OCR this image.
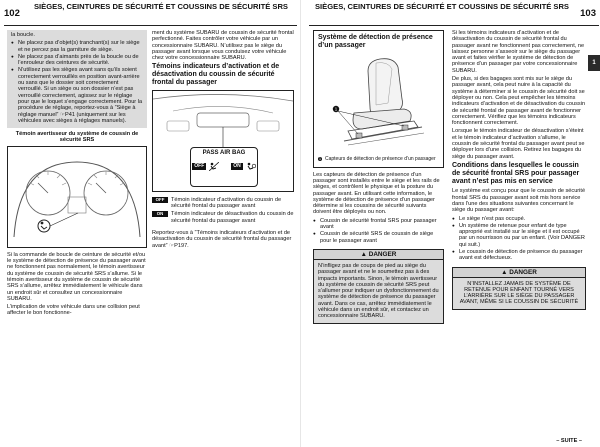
102
SIÈGES, CEINTURES DE SÉCURITÉ ET COUSSINS DE SÉCURITÉ SRS	SIÈGES, CEINTURES DE SÉCURITÉ ET COUSSINS DE SÉCURITÉ SRS
103

la boucle.

● Ne placez pas d’objet(s) tranchant(s) sur le siège et ne percez pas la garniture de siège.
● Ne placez pas d’aimants près de la boucle ou de l’enrouleur des ceintures de sécurité.
● N’utilisez pas les sièges avant sans qu’ils soient correctement verrouillés en position avant-arrière ou sans que le dossier soit correctement verrouillé. Si un siège ou son dossier n’est pas verrouillé correctement, agissez sur le réglage pour que le loquet s’engage correctement. Pour la procédure de réglage, reportez-vous à “Siège à réglage manuel” ☞P41 (uniquement sur les véhicules avec sièges à réglages manuels).
Témoin avertisseur du système de coussin de sécurité SRS

Si la commande de boucle de ceinture de sécurité et/ou le système de détection de présence du passager avant ne fonctionnent pas normalement, le témoin avertisseur du système de coussin de sécurité SRS s’allume. Si le témoin avertisseur du système de coussin de sécurité SRS s’allume, arrêtez immédiatement le véhicule dans un endroit sûr et consultez un concessionnaire SUBARU.

L’implication de votre véhicule dans une collision peut affecter le bon fonctionne-

ment du système SUBARU de coussin de sécurité frontal perfectionné. Faites contrôler votre véhicule par un concessionnaire SUBARU. N’utilisez pas le siège du passager avant lorsque vous conduisez votre véhicule chez votre concessionnaire SUBARU.

Témoins indicateurs d’activation et de désactivation du coussin de sécurité frontal du passager
PASS AIR BAG
OFF	ON
OFF	Témoin indicateur d’activation du coussin de sécurité frontal du passager avant
ON	Témoin indicateur de désactivation du coussin de sécurité frontal du passager avant

Reportez-vous à “Témoins indicateurs d’activation et de désactivation du coussin de sécurité frontal du passager avant” ☞P197.

Système de détection de présence d’un passager
1
1 Capteurs de détection de présence d’un passager

Les capteurs de détection de présence d’un passager sont installés entre le siège et les rails de sièges, et contrôlent le physique et la posture du passager avant. En utilisant cette information, le système de détection de présence d’un passager détermine si les coussins de sécurité suivants doivent être déployés ou non.

● Coussin de sécurité frontal SRS pour passager avant
● Coussin de sécurité SRS de coussin de siège pour le passager avant
▲ DANGER

N’infligez pas de coups de pied au siège du passager avant et ne le soumettez pas à des impacts importants. Sinon, le témoin avertisseur du système de coussin de sécurité SRS peut s’allumer pour indiquer un dysfonctionnement du système de détection de présence du passager avant. Dans ce cas, arrêtez immédiatement le véhicule dans un endroit sûr, et contactez un concessionnaire SUBARU.

Si les témoins indicateurs d’activation et de désactivation du coussin de sécurité frontal du passager avant ne fonctionnent pas correctement, ne laissez personne s’asseoir sur le siège du passager avant et faites vérifier le système de détection de présence d’un passager par votre concessionnaire SUBARU.

De plus, si des bagages sont mis sur le siège du passager avant, cela peut nuire à la capacité du système à déterminer si le coussin de sécurité doit se déployer ou non. Cela peut empêcher les témoins indicateurs d’activation et de désactivation du coussin de sécurité frontal de passager avant de fonctionner correctement. Vérifiez que les témoins indicateurs fonctionnent correctement.

Lorsque le témoin indicateur de désactivation s’éteint et le témoin indicateur d’activation s’allume, le coussin de sécurité frontal du passager avant peut se déployer lors d’une collision. Retirez les bagages du siège du passager avant.

Conditions dans lesquelles le coussin de sécurité frontal SRS pour passager avant n’est pas mis en service

Le système est conçu pour que le coussin de sécurité frontal SRS du passager avant soit mis hors service dans l’une des situations suivantes concernant le siège du passager avant:

● Le siège n’est pas occupé.
● Un système de retenue pour enfant de type approprié est installé sur le siège et il est occupé par un nourrisson ou par un enfant. (Voir DANGER qui suit.)
● Le coussin de détection de présence du passager avant est défectueux.
▲ DANGER

N’INSTALLEZ JAMAIS DE SYSTÈME DE RETENUE POUR ENFANT TOURNÉ VERS L’ARRIÈRE SUR LE SIÈGE DU PASSAGER AVANT, MÊME SI LE COUSSIN DE SÉCURITÉ

1
– SUITE –
